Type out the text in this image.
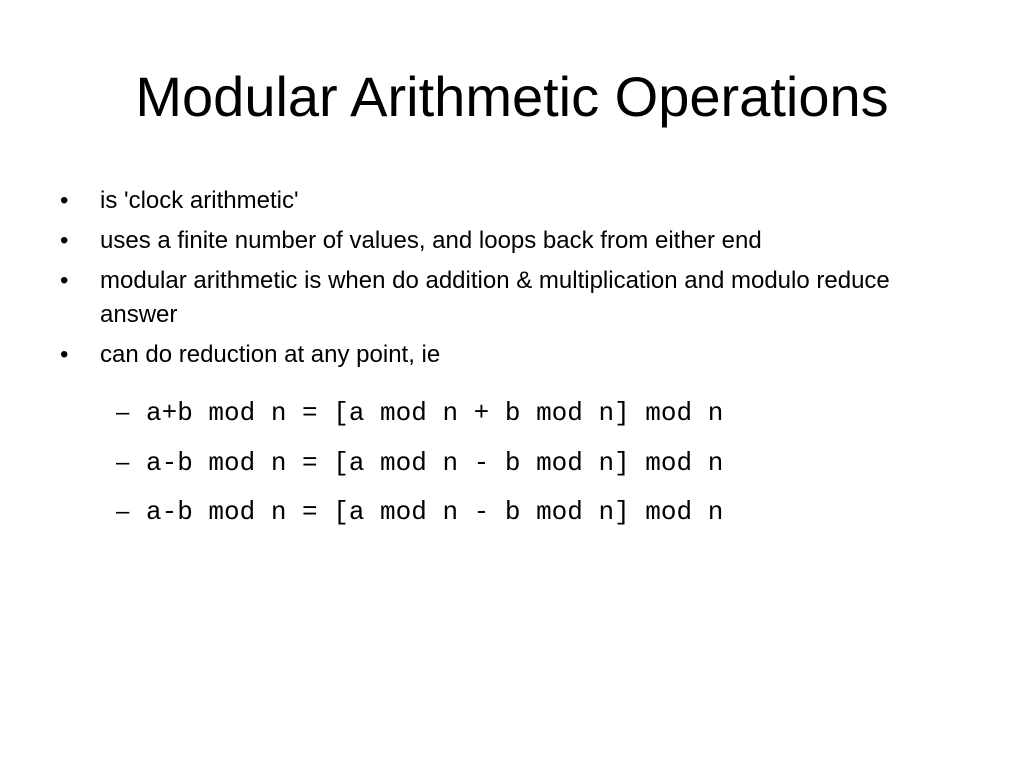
Modular Arithmetic Operations
• is 'clock arithmetic'
• uses a finite number of values, and loops back from either end
• modular arithmetic is when do addition & multiplication and modulo reduce answer
• can do reduction at any point, ie
– a+b mod n = [a mod n + b mod n] mod n
– a-b mod n = [a mod n - b mod n] mod n
– a-b mod n = [a mod n - b mod n] mod n
